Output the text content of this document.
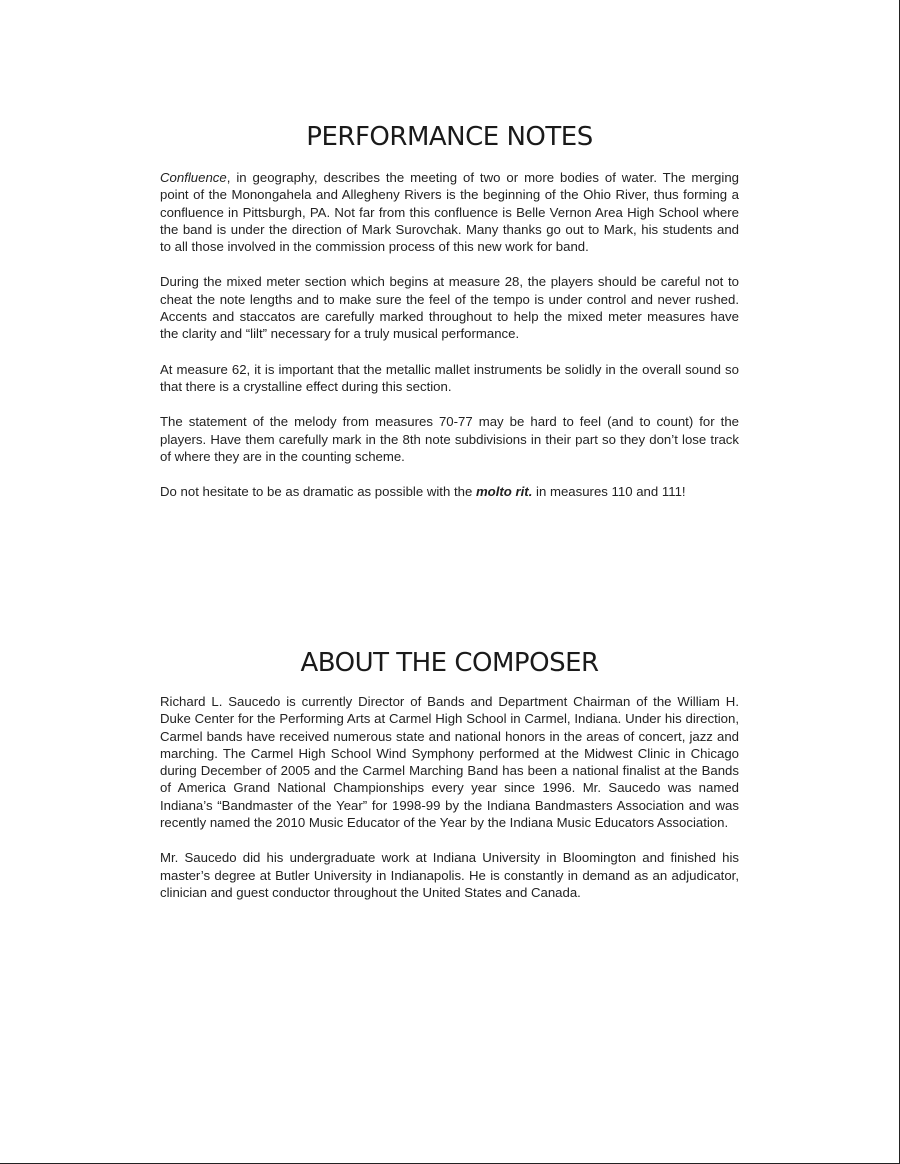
PERFORMANCE NOTES

Confluence, in geography, describes the meeting of two or more bodies of water. The merging point of the Monongahela and Allegheny Rivers is the beginning of the Ohio River, thus forming a confluence in Pittsburgh, PA. Not far from this confluence is Belle Vernon Area High School where the band is under the direction of Mark Surovchak. Many thanks go out to Mark, his students and to all those involved in the commission process of this new work for band.

During the mixed meter section which begins at measure 28, the players should be careful not to cheat the note lengths and to make sure the feel of the tempo is under control and never rushed. Accents and staccatos are carefully marked throughout to help the mixed meter measures have the clarity and “lilt” necessary for a truly musical performance.

At measure 62, it is important that the metallic mallet instruments be solidly in the overall sound so that there is a crystalline effect during this section.

The statement of the melody from measures 70-77 may be hard to feel (and to count) for the players. Have them carefully mark in the 8th note subdivisions in their part so they don’t lose track of where they are in the counting scheme.

Do not hesitate to be as dramatic as possible with the molto rit. in measures 110 and 111!

ABOUT THE COMPOSER

Richard L. Saucedo is currently Director of Bands and Department Chairman of the William H. Duke Center for the Performing Arts at Carmel High School in Carmel, Indiana. Under his direction, Carmel bands have received numerous state and national honors in the areas of concert, jazz and marching. The Carmel High School Wind Symphony performed at the Midwest Clinic in Chicago during December of 2005 and the Carmel Marching Band has been a national finalist at the Bands of America Grand National Championships every year since 1996. Mr. Saucedo was named Indiana’s “Bandmaster of the Year” for 1998-99 by the Indiana Bandmasters Association and was recently named the 2010 Music Educator of the Year by the Indiana Music Educators Association.

Mr. Saucedo did his undergraduate work at Indiana University in Bloomington and finished his master’s degree at Butler University in Indianapolis. He is constantly in demand as an adjudicator, clinician and guest conductor throughout the United States and Canada.
